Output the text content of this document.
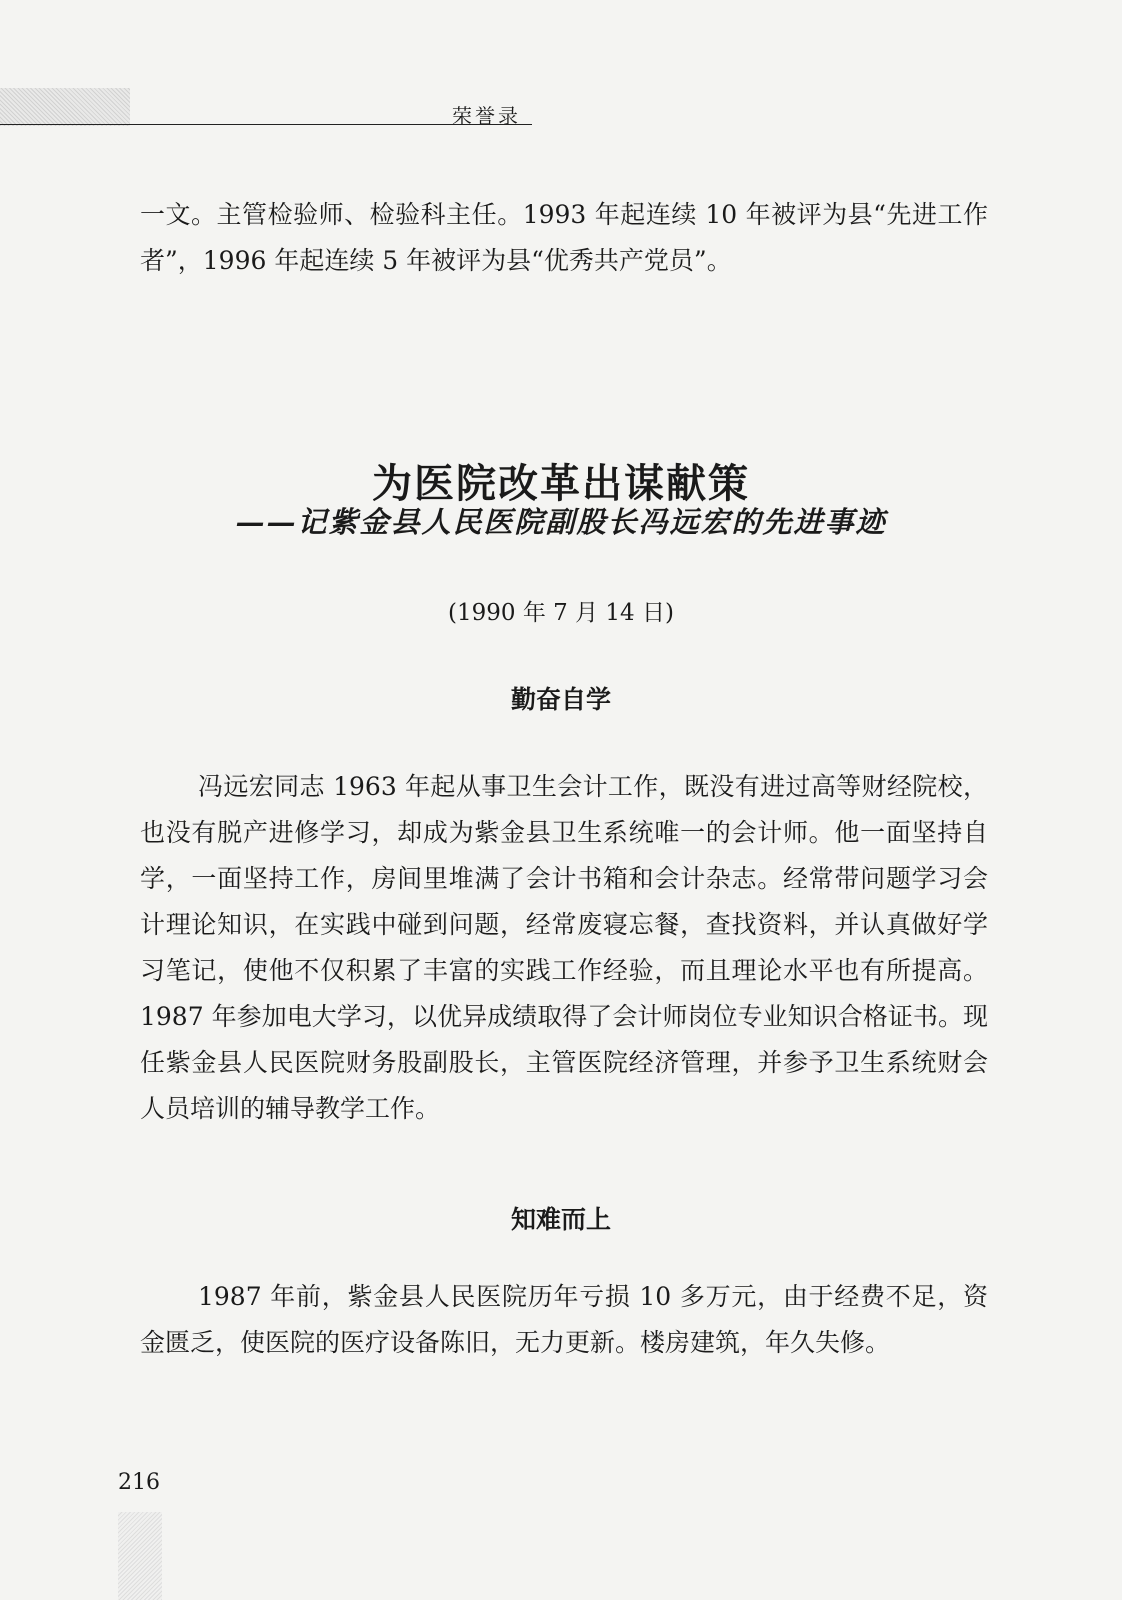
荣誉录

一文。主管检验师、检验科主任。1993 年起连续 10 年被评为县“先进工作者”，1996 年起连续 5 年被评为县“优秀共产党员”。

为医院改革出谋献策
——记紫金县人民医院副股长冯远宏的先进事迹
(1990 年 7 月 14 日)
勤奋自学

冯远宏同志 1963 年起从事卫生会计工作，既没有进过高等财经院校，也没有脱产进修学习，却成为紫金县卫生系统唯一的会计师。他一面坚持自学，一面坚持工作，房间里堆满了会计书箱和会计杂志。经常带问题学习会计理论知识，在实践中碰到问题，经常废寝忘餐，查找资料，并认真做好学习笔记，使他不仅积累了丰富的实践工作经验，而且理论水平也有所提高。1987 年参加电大学习，以优异成绩取得了会计师岗位专业知识合格证书。现任紫金县人民医院财务股副股长，主管医院经济管理，并参予卫生系统财会人员培训的辅导教学工作。

知难而上

1987 年前，紫金县人民医院历年亏损 10 多万元，由于经费不足，资金匮乏，使医院的医疗设备陈旧，无力更新。楼房建筑，年久失修。

216
